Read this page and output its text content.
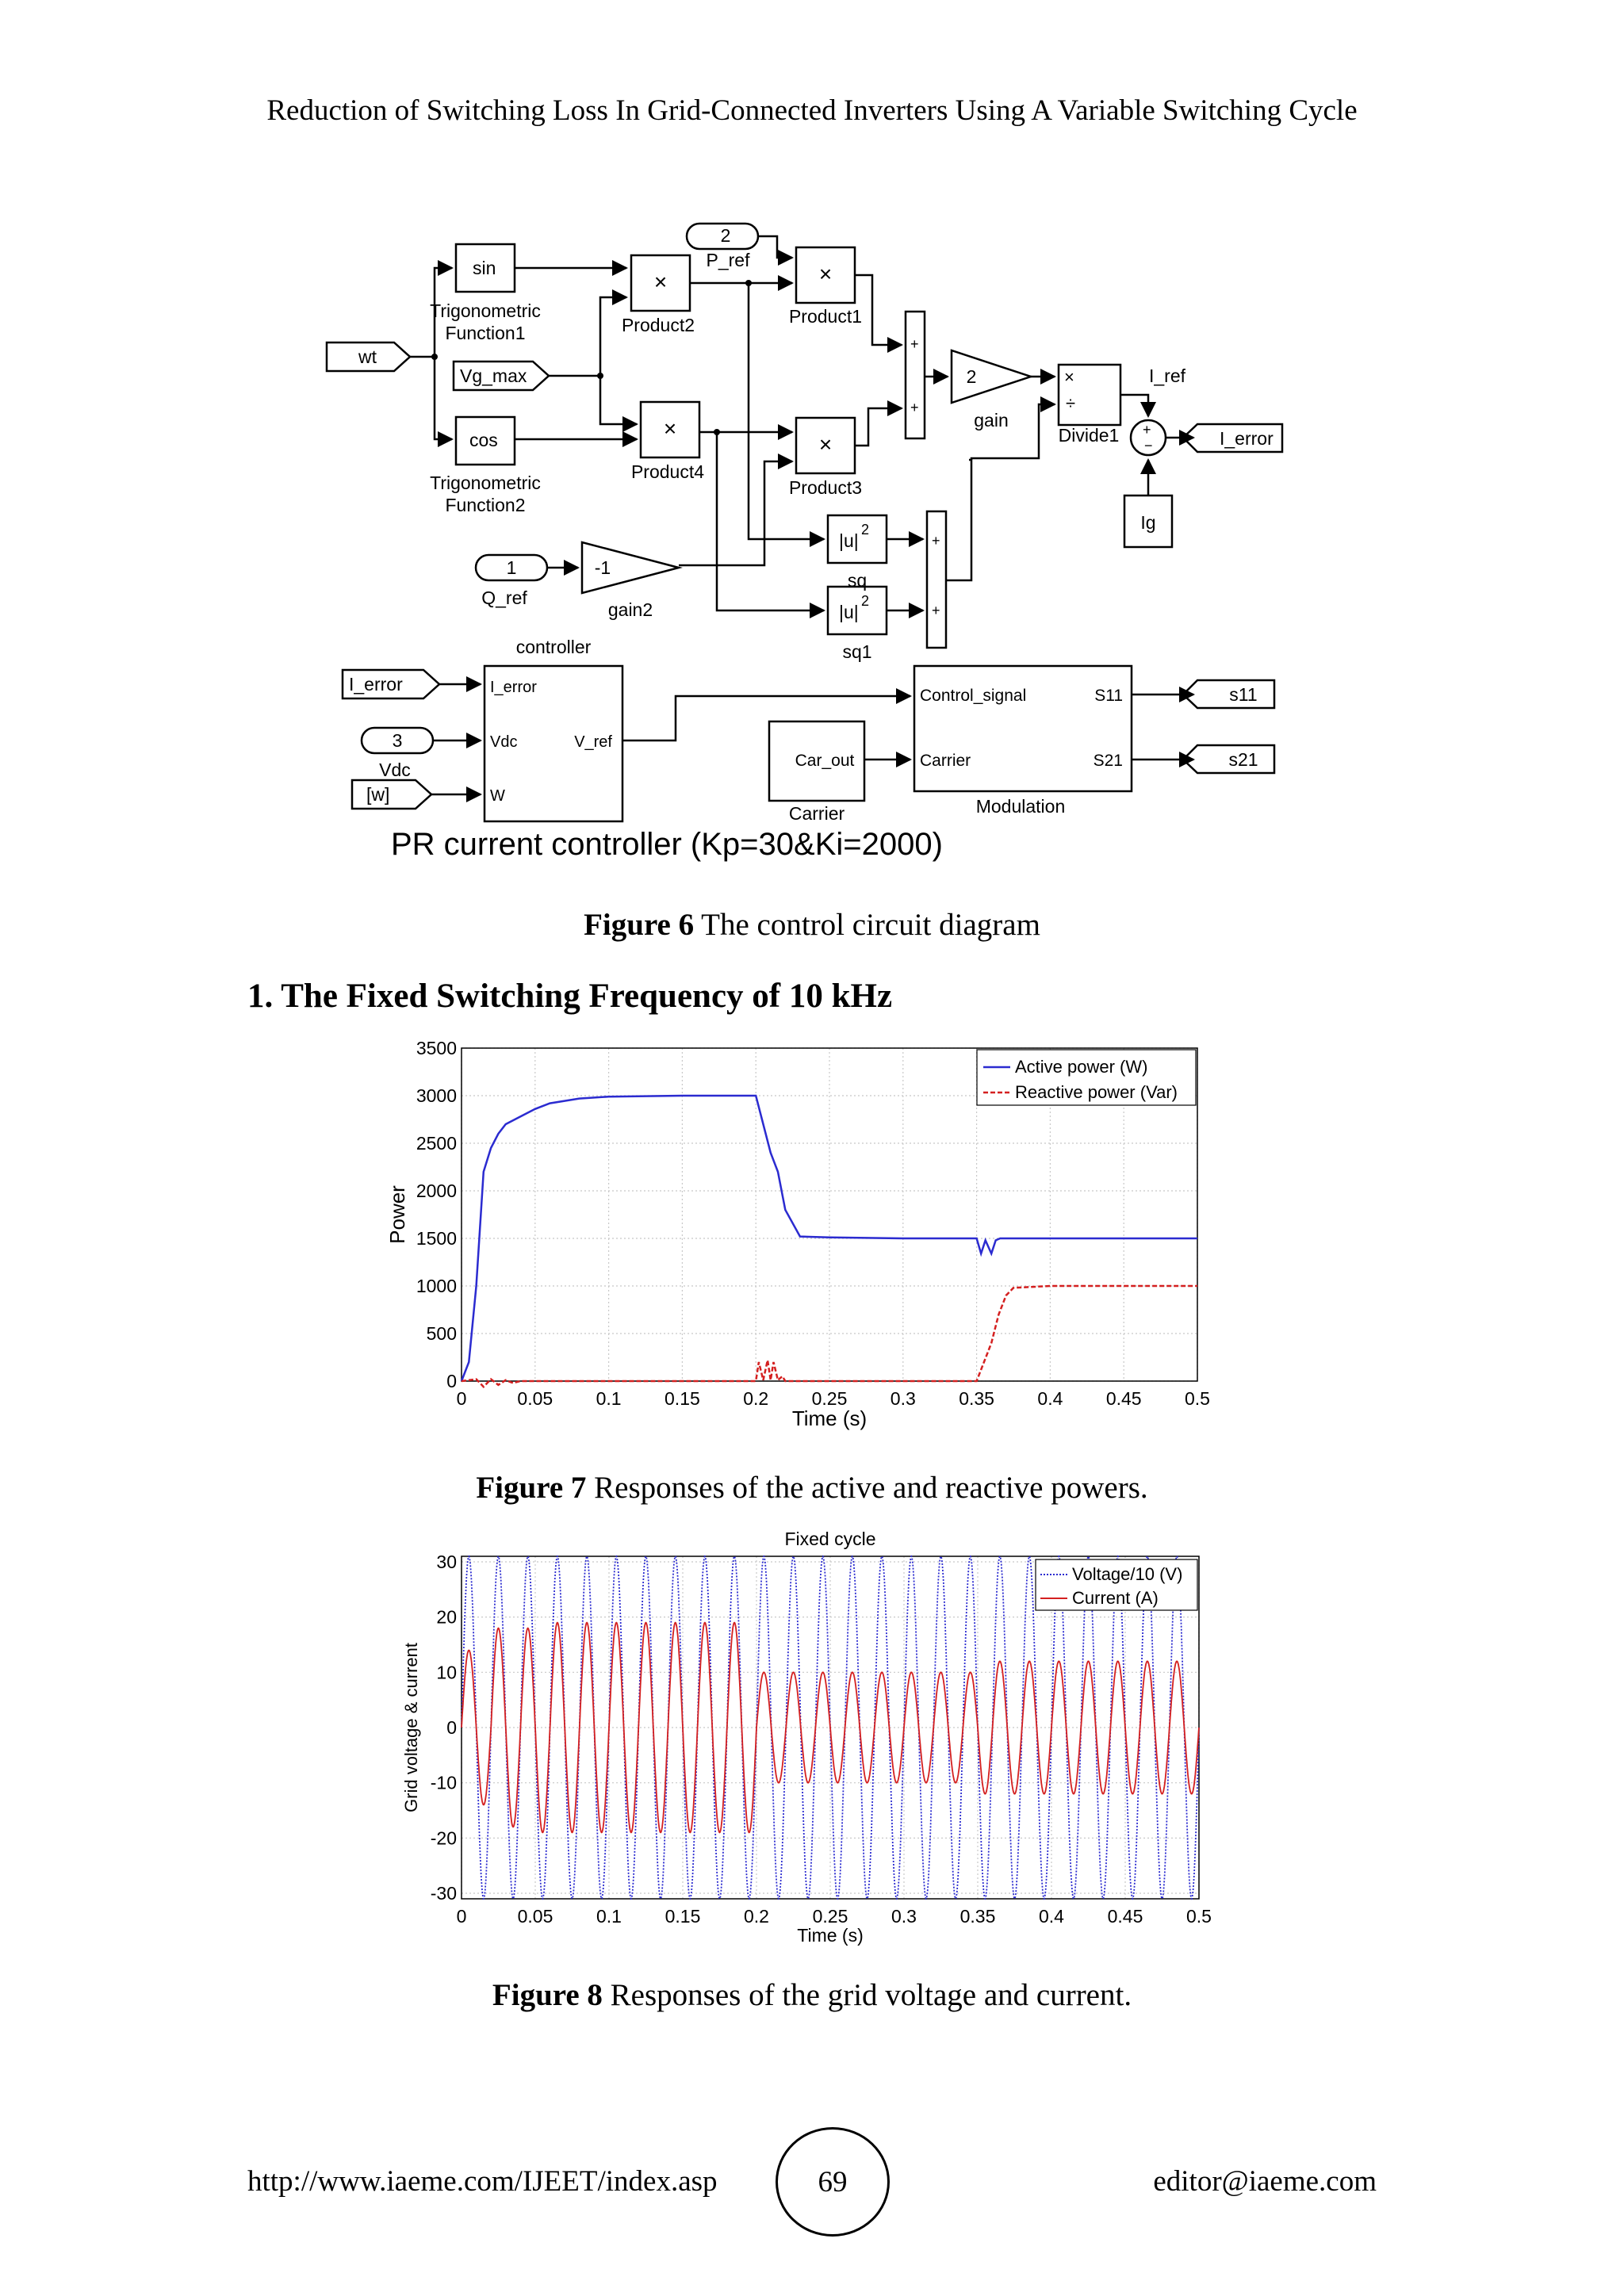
Reduction of Switching Loss In Grid-Connected Inverters Using A Variable Switching Cycle
wt
sin
Trigonometric
Function1
Vg_max
cos
Trigonometric
Function2
2
P_ref
×
Product2
×
Product1
×
Product4
×
Product3
2
gain
Divide1
I_ref
I_error
Ig
1
Q_ref
-1
gain2
|u|
2
sq
|u|
2
sq1
controller
I_error	I_error
Vdc
W
V_ref
3
Vdc
[w]
Car_out
Carrier
Control_signal
Carrier
S11
S21
Modulation
s11
s21
PR current controller (Kp=30&Ki=2000)
+
+
+
+
+
−
×
÷
Figure 6 The control circuit diagram
1. The Fixed Switching Frequency of 10 kHz
0	0.05 0.1 0.15 0.2 0.25 0.3 0.35 0.4 0.45 0.5
0
500
1000
1500
2000
2500
3000
3500
Time (s)
Power
Active power (W)
Reactive power (Var)
Figure 7 Responses of the active and reactive powers.
0	0.05 0.1 0.15 0.2 0.25 0.3 0.35 0.4 0.45 0.5
-30
-20
-10
0
10
20
30
Fixed cycle
Time (s)
Grid voltage & current
Voltage/10 (V)
Current (A)
Figure 8 Responses of the grid voltage and current.
http://www.iaeme.com/IJEET/index.asp	69	editor@iaeme.com
